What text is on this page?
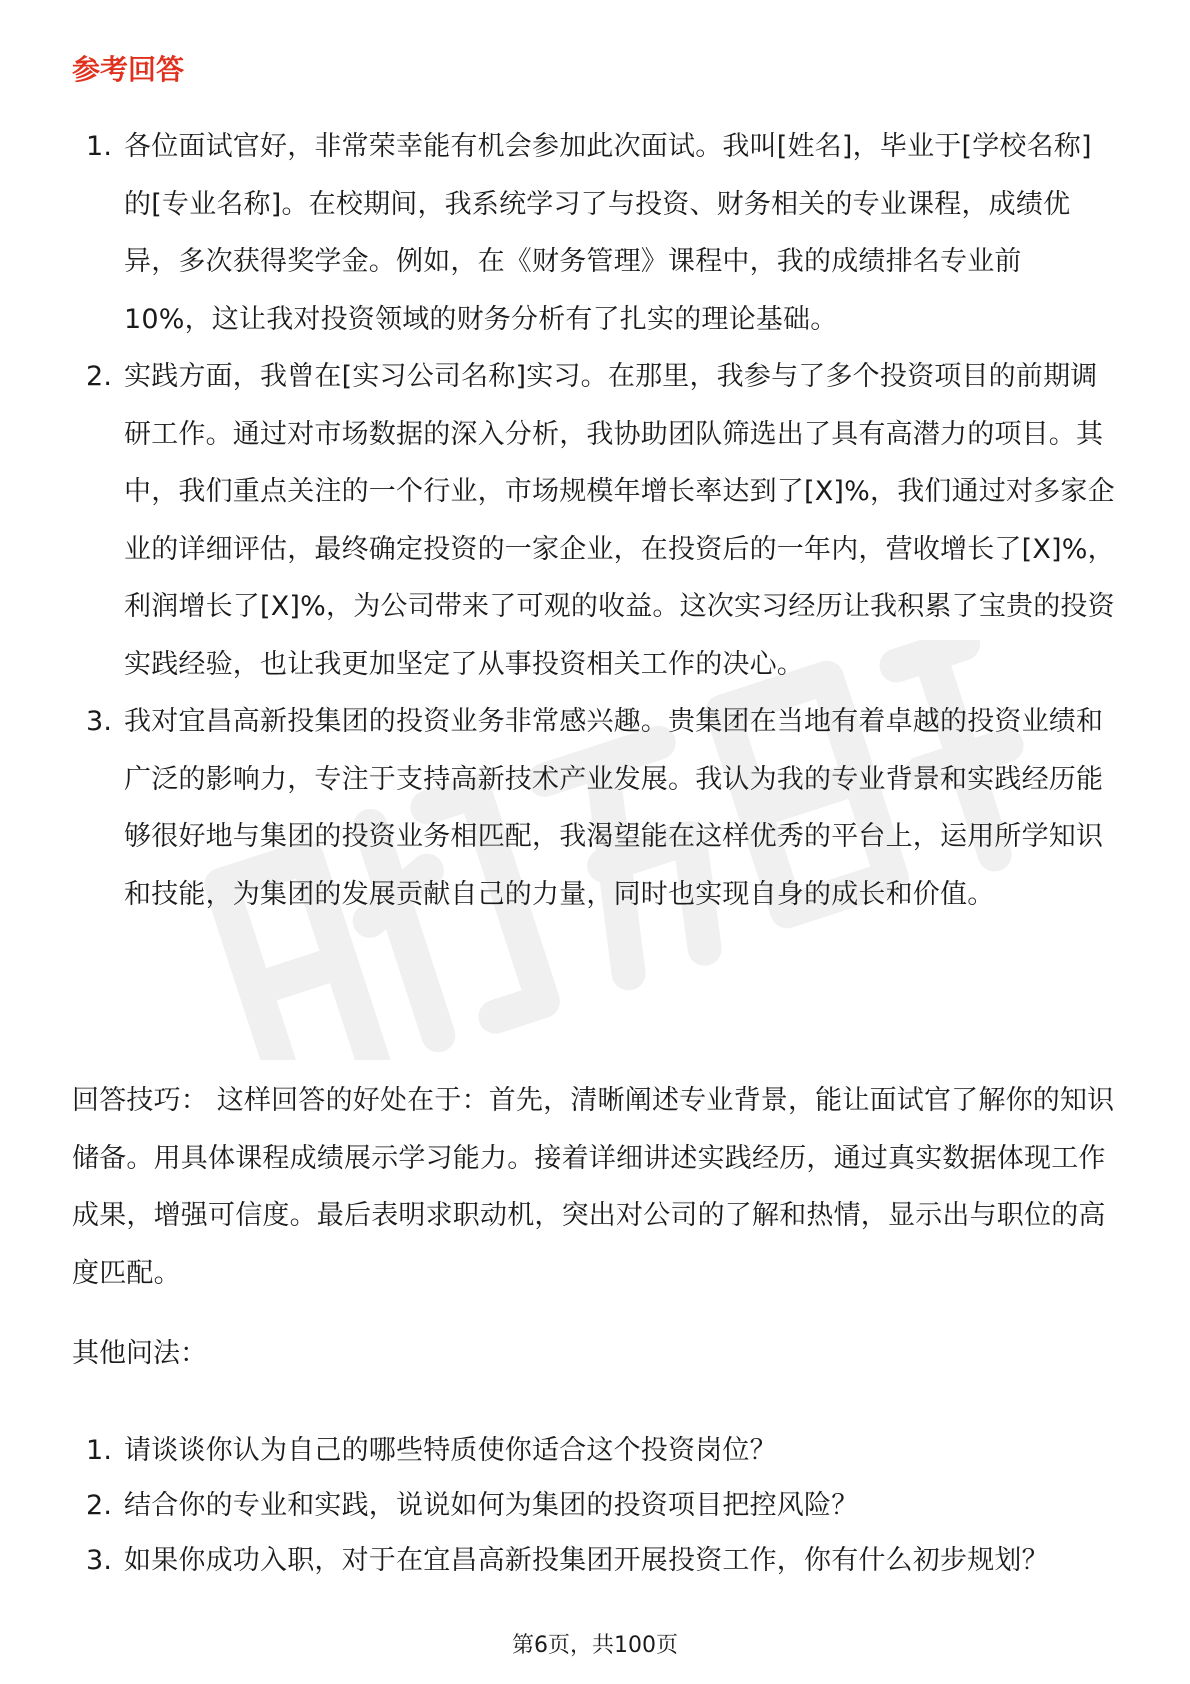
参考回答
1. 各位面试官好，非常荣幸能有机会参加此次面试。我叫[姓名]，毕业于[学校名称]的[专业名称]。在校期间，我系统学习了与投资、财务相关的专业课程，成绩优异，多次获得奖学金。例如，在《财务管理》课程中，我的成绩排名专业前 10%，这让我对投资领域的财务分析有了扎实的理论基础。
2. 实践方面，我曾在[实习公司名称]实习。在那里，我参与了多个投资项目的前期调研工作。通过对市场数据的深入分析，我协助团队筛选出了具有高潜力的项目。其中，我们重点关注的一个行业，市场规模年增长率达到了[X]%，我们通过对多家企业的详细评估，最终确定投资的一家企业，在投资后的一年内，营收增长了[X]%，利润增长了[X]%，为公司带来了可观的收益。这次实习经历让我积累了宝贵的投资实践经验，也让我更加坚定了从事投资相关工作的决心。
3. 我对宜昌高新投集团的投资业务非常感兴趣。贵集团在当地有着卓越的投资业绩和广泛的影响力，专注于支持高新技术产业发展。我认为我的专业背景和实践经历能够很好地与集团的投资业务相匹配，我渴望能在这样优秀的平台上，运用所学知识和技能，为集团的发展贡献自己的力量，同时也实现自身的成长和价值。

回答技巧： 这样回答的好处在于：首先，清晰阐述专业背景，能让面试官了解你的知识储备。用具体课程成绩展示学习能力。接着详细讲述实践经历，通过真实数据体现工作成果，增强可信度。最后表明求职动机，突出对公司的了解和热情，显示出与职位的高度匹配。

其他问法：

1. 请谈谈你认为自己的哪些特质使你适合这个投资岗位？
2. 结合你的专业和实践，说说如何为集团的投资项目把控风险？
3. 如果你成功入职，对于在宜昌高新投集团开展投资工作，你有什么初步规划？
第6页，共100页
